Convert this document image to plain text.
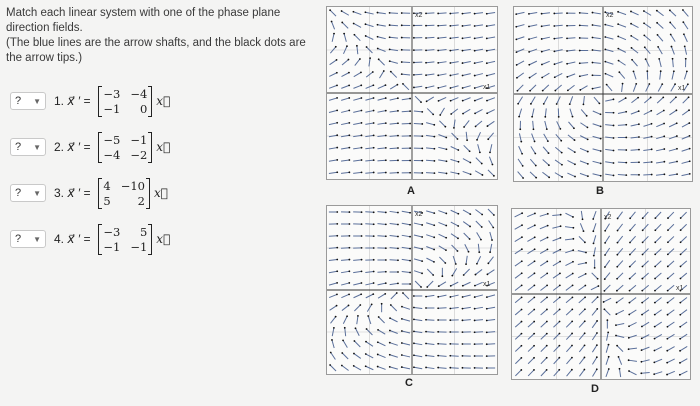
Match each linear system with one of the phase plane direction fields.

(The blue lines are the arrow shafts, and the black dots are the arrow tips.)

? ▼ 1.
x⃗ ′ =
−3 −4
−1	0
x⃗
? ▼ 2.
x⃗ ′ =
−5 −1
−4 −2
x⃗
? ▼ 3.
x⃗ ′ =
4 −10
5	2
x⃗
? ▼ 4.
x⃗ ′ =
−3	5
−1 −1
x⃗
x1
x2
A
x1
x2
B
x1
x2
C
x1
x2
D
